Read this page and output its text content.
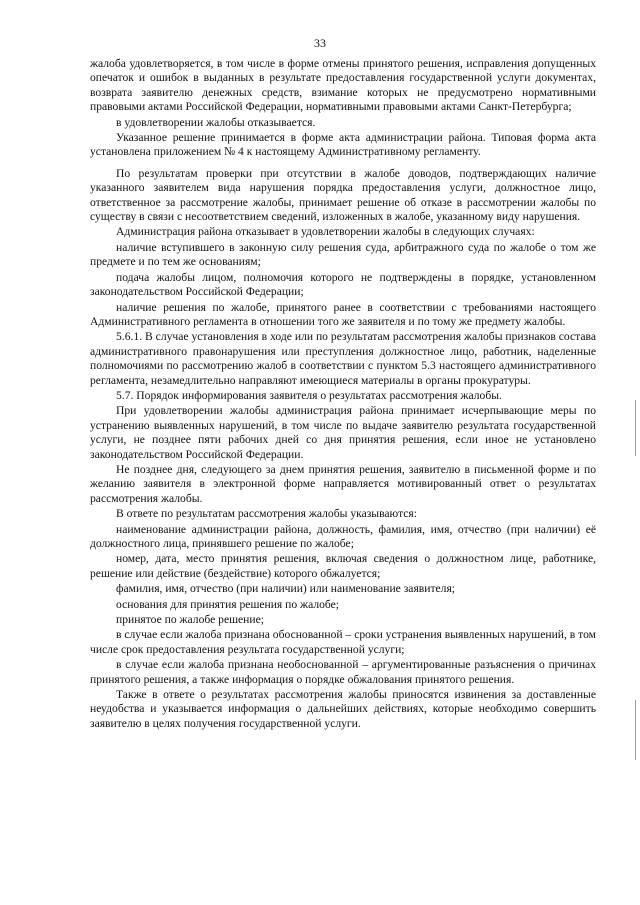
33

жалоба удовлетворяется, в том числе в форме отмены принятого решения, исправления допущенных опечаток и ошибок в выданных в результате предоставления государственной услуги документах, возврата заявителю денежных средств, взимание которых не предусмотрено нормативными правовыми актами Российской Федерации, нормативными правовыми актами Санкт-Петербурга;

в удовлетворении жалобы отказывается.

Указанное решение принимается в форме акта администрации района. Типовая форма акта установлена приложением № 4 к настоящему Административному регламенту.

По результатам проверки при отсутствии в жалобе доводов, подтверждающих наличие указанного заявителем вида нарушения порядка предоставления услуги, должностное лицо, ответственное за рассмотрение жалобы, принимает решение об отказе в рассмотрении жалобы по существу в связи с несоответствием сведений, изложенных в жалобе, указанному виду нарушения.

Администрация района отказывает в удовлетворении жалобы в следующих случаях:

наличие вступившего в законную силу решения суда, арбитражного суда по жалобе о том же предмете и по тем же основаниям;

подача жалобы лицом, полномочия которого не подтверждены в порядке, установленном законодательством Российской Федерации;

наличие решения по жалобе, принятого ранее в соответствии с требованиями настоящего Административного регламента в отношении того же заявителя и по тому же предмету жалобы.

5.6.1. В случае установления в ходе или по результатам рассмотрения жалобы признаков состава административного правонарушения или преступления должностное лицо, работник, наделенные полномочиями по рассмотрению жалоб в соответствии с пунктом 5.3 настоящего административного регламента, незамедлительно направляют имеющиеся материалы в органы прокуратуры.

5.7. Порядок информирования заявителя о результатах рассмотрения жалобы.

При удовлетворении жалобы администрация района принимает исчерпывающие меры по устранению выявленных нарушений, в том числе по выдаче заявителю результата государственной услуги, не позднее пяти рабочих дней со дня принятия решения, если иное не установлено законодательством Российской Федерации.

Не позднее дня, следующего за днем принятия решения, заявителю в письменной форме и по желанию заявителя в электронной форме направляется мотивированный ответ о результатах рассмотрения жалобы.

В ответе по результатам рассмотрения жалобы указываются:

наименование администрации района, должность, фамилия, имя, отчество (при наличии) её должностного лица, принявшего решение по жалобе;

номер, дата, место принятия решения, включая сведения о должностном лице, работнике, решение или действие (бездействие) которого обжалуется;

фамилия, имя, отчество (при наличии) или наименование заявителя;

основания для принятия решения по жалобе;

принятое по жалобе решение;

в случае если жалоба признана обоснованной – сроки устранения выявленных нарушений, в том числе срок предоставления результата государственной услуги;

в случае если жалоба признана необоснованной – аргументированные разъяснения о причинах принятого решения, а также информация о порядке обжалования принятого решения.

Также в ответе о результатах рассмотрения жалобы приносятся извинения за доставленные неудобства и указывается информация о дальнейших действиях, которые необходимо совершить заявителю в целях получения государственной услуги.
